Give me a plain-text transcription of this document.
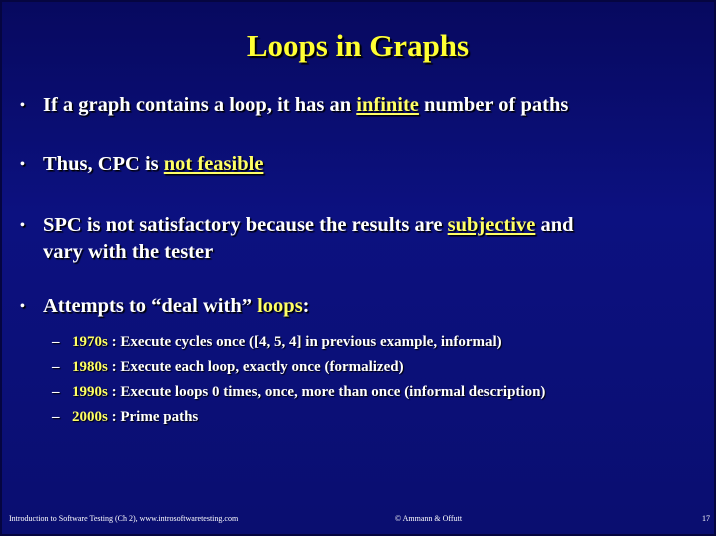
Loops in Graphs
• If a graph contains a loop, it has an infinite number of paths
• Thus, CPC is not feasible
• SPC is not satisfactory because the results are subjective and
vary with the tester
• Attempts to “deal with” loops:
– 1970s : Execute cycles once ([4, 5, 4] in previous example, informal)
– 1980s : Execute each loop, exactly once (formalized)
– 1990s : Execute loops 0 times, once, more than once (informal description)
– 2000s : Prime paths
Introduction to Software Testing (Ch 2), www.introsoftwaretesting.com	© Ammann & Offutt	17
